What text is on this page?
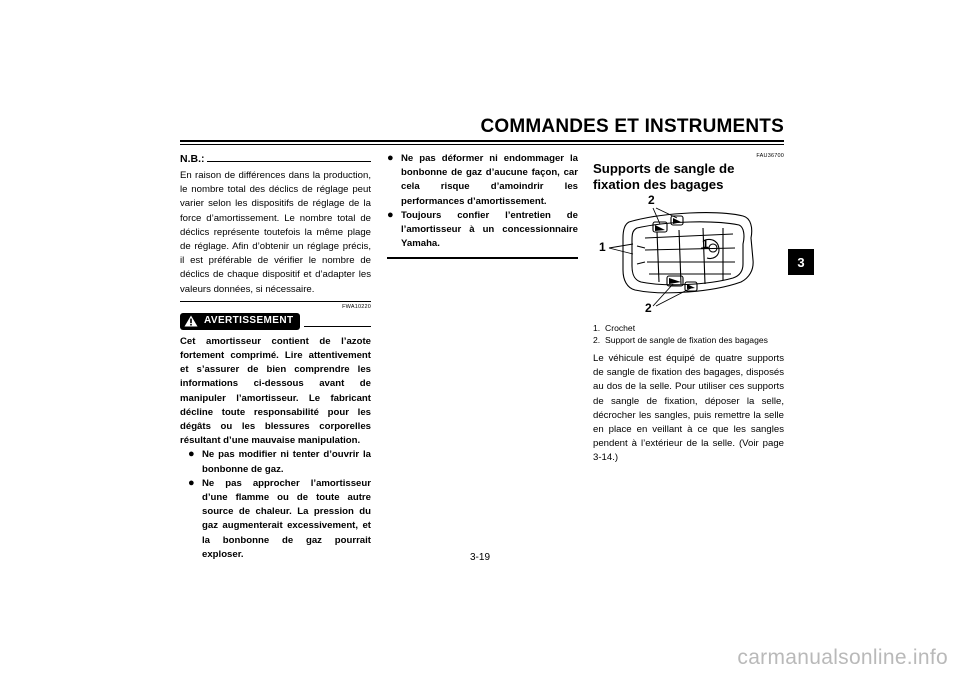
COMMANDES ET INSTRUMENTS
3
N.B.:

En raison de différences dans la production, le nombre total des déclics de réglage peut varier selon les dispositifs de réglage de la force d’amortissement. Le nombre total de déclics représente toutefois la même plage de réglage. Afin d’obtenir un réglage précis, il est préférable de vérifier le nombre de déclics de chaque dispositif et d’adapter les valeurs données, si nécessaire.

FWA10220
AVERTISSEMENT

Cet amortisseur contient de l’azote fortement comprimé. Lire attentivement et s’assurer de bien comprendre les informations ci-dessous avant de manipuler l’amortisseur. Le fabricant décline toute responsabilité pour les dégâts ou les blessures corporelles résultant d’une mauvaise manipulation.

● Ne pas modifier ni tenter d’ouvrir la bonbonne de gaz.
● Ne pas approcher l’amortisseur d’une flamme ou de toute autre source de chaleur. La pression du gaz augmenterait excessivement, et la bonbonne de gaz pourrait exploser.
● Ne pas déformer ni endommager la bonbonne de gaz d’aucune façon, car cela risque d’amoindrir les performances d’amortissement.
● Toujours confier l’entretien de l’amortisseur à un concessionnaire Yamaha.
FAU36700

Supports de sangle de fixation des bagages

2
1	1
2
1. Crochet
2. Support de sangle de fixation des bagages

Le véhicule est équipé de quatre supports de sangle de fixation des bagages, disposés au dos de la selle. Pour utiliser ces supports de sangle de fixation, déposer la selle, décrocher les sangles, puis remettre la selle en place en veillant à ce que les sangles pendent à l’extérieur de la selle. (Voir page 3-14.)

3-19
carmanualsonline.info
